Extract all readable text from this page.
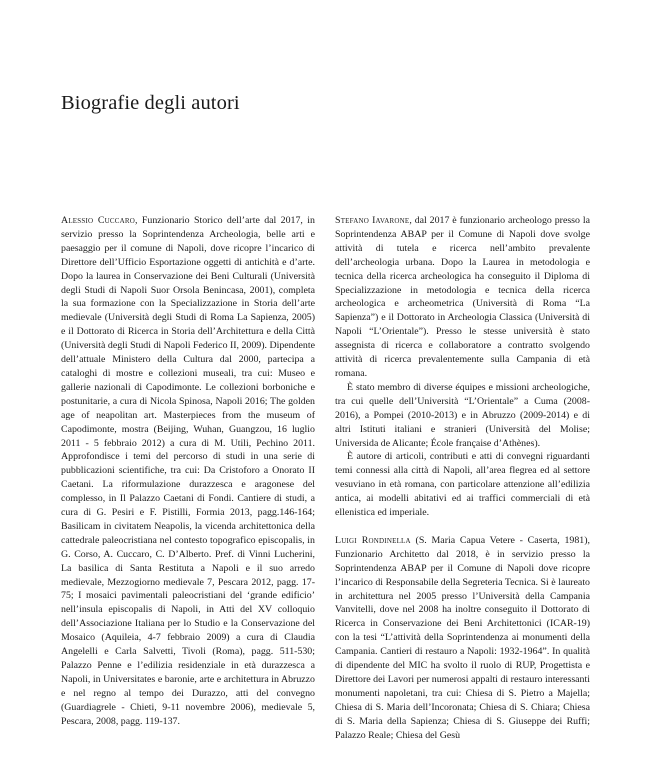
Biografie degli autori

Alessio Cuccaro, Funzionario Storico dell’arte dal 2017, in servizio presso la Soprintendenza Archeologia, belle arti e paesaggio per il comune di Napoli, dove ricopre l’incarico di Direttore dell’Ufficio Esportazione oggetti di antichità e d’arte. Dopo la laurea in Conservazione dei Beni Culturali (Università degli Studi di Napoli Suor Orsola Benincasa, 2001), completa la sua formazione con la Specializzazione in Storia dell’arte medievale (Università degli Studi di Roma La Sapienza, 2005) e il Dottorato di Ricerca in Storia dell’Architettura e della Città (Università degli Studi di Napoli Federico II, 2009). Dipendente dell’attuale Ministero della Cultura dal 2000, partecipa a cataloghi di mostre e collezioni museali, tra cui: Museo e gallerie nazionali di Capodimonte. Le collezioni borboniche e postunitarie, a cura di Nicola Spinosa, Napoli 2016; The golden age of neapolitan art. Masterpieces from the museum of Capodimonte, mostra (Beijing, Wuhan, Guangzou, 16 luglio 2011 - 5 febbraio 2012) a cura di M. Utili, Pechino 2011. Approfondisce i temi del percorso di studi in una serie di pubblicazioni scientifiche, tra cui: Da Cristoforo a Onorato II Caetani. La riformulazione durazzesca e aragonese del complesso, in Il Palazzo Caetani di Fondi. Cantiere di studi, a cura di G. Pesiri e F. Pistilli, Formia 2013, pagg.146-164; Basilicam in civitatem Neapolis, la vicenda architettonica della cattedrale paleocristiana nel contesto topografico episcopalis, in G. Corso, A. Cuccaro, C. D’Alberto. Pref. di Vinni Lucherini, La basilica di Santa Restituta a Napoli e il suo arredo medievale, Mezzogiorno medievale 7, Pescara 2012, pagg. 17-75; I mosaici pavimentali paleocristiani del ‘grande edificio’ nell’insula episcopalis di Napoli, in Atti del XV colloquio dell’Associazione Italiana per lo Studio e la Conservazione del Mosaico (Aquileia, 4-7 febbraio 2009) a cura di Claudia Angelelli e Carla Salvetti, Tivoli (Roma), pagg. 511-530; Palazzo Penne e l’edilizia residenziale in età durazzesca a Napoli, in Universitates e baronie, arte e architettura in Abruzzo e nel regno al tempo dei Durazzo, atti del convegno (Guardiagrele - Chieti, 9-11 novembre 2006), medievale 5, Pescara, 2008, pagg. 119-137.

Stefano Iavarone, dal 2017 è funzionario archeologo presso la Soprintendenza ABAP per il Comune di Napoli dove svolge attività di tutela e ricerca nell’ambito prevalente dell’archeologia urbana. Dopo la Laurea in metodologia e tecnica della ricerca archeologica ha conseguito il Diploma di Specializzazione in metodologia e tecnica della ricerca archeologica e archeometrica (Università di Roma “La Sapienza”) e il Dottorato in Archeologia Classica (Università di Napoli “L’Orientale”). Presso le stesse università è stato assegnista di ricerca e collaboratore a contratto svolgendo attività di ricerca prevalentemente sulla Campania di età romana.

È stato membro di diverse équipes e missioni archeologiche, tra cui quelle dell’Università “L’Orientale” a Cuma (2008-2016), a Pompei (2010-2013) e in Abruzzo (2009-2014) e di altri Istituti italiani e stranieri (Università del Molise; Universida de Alicante; École française d’Athènes).

È autore di articoli, contributi e atti di convegni riguardanti temi connessi alla città di Napoli, all’area flegrea ed al settore vesuviano in età romana, con particolare attenzione all’edilizia antica, ai modelli abitativi ed ai traffici commerciali di età ellenistica ed imperiale.

Luigi Rondinella (S. Maria Capua Vetere - Caserta, 1981), Funzionario Architetto dal 2018, è in servizio presso la Soprintendenza ABAP per il Comune di Napoli dove ricopre l’incarico di Responsabile della Segreteria Tecnica. Si è laureato in architettura nel 2005 presso l’Università della Campania Vanvitelli, dove nel 2008 ha inoltre conseguito il Dottorato di Ricerca in Conservazione dei Beni Architettonici (ICAR-19) con la tesi “L’attività della Soprintendenza ai monumenti della Campania. Cantieri di restauro a Napoli: 1932-1964”. In qualità di dipendente del MIC ha svolto il ruolo di RUP, Progettista e Direttore dei Lavori per numerosi appalti di restauro interessanti monumenti napoletani, tra cui: Chiesa di S. Pietro a Majella; Chiesa di S. Maria dell’Incoronata; Chiesa di S. Chiara; Chiesa di S. Maria della Sapienza; Chiesa di S. Giuseppe dei Ruffi; Palazzo Reale; Chiesa del Gesù
